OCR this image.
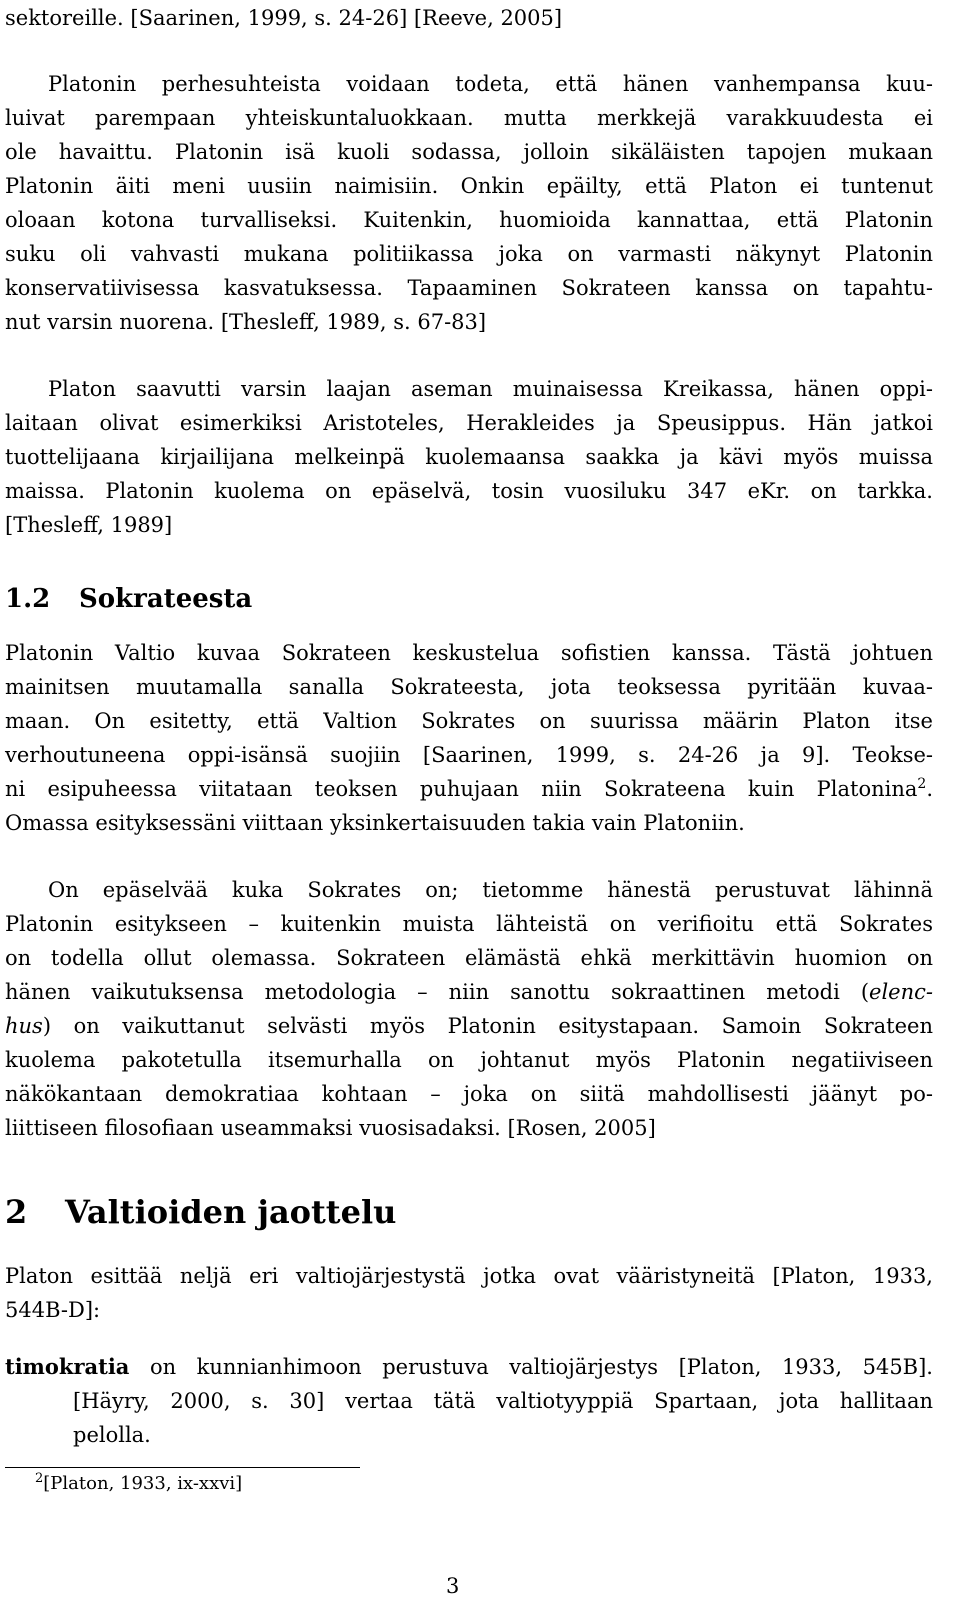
sektoreille. [Saarinen, 1999, s. 24-26] [Reeve, 2005]
Platonin perhesuhteista voidaan todeta, että hänen vanhempansa kuu-
luivat parempaan yhteiskuntaluokkaan. mutta merkkejä varakkuudesta ei
ole havaittu. Platonin isä kuoli sodassa, jolloin sikäläisten tapojen mukaan
Platonin äiti meni uusiin naimisiin. Onkin epäilty, että Platon ei tuntenut
oloaan kotona turvalliseksi. Kuitenkin, huomioida kannattaa, että Platonin
suku oli vahvasti mukana politiikassa joka on varmasti näkynyt Platonin
konservatiivisessa kasvatuksessa. Tapaaminen Sokrateen kanssa on tapahtu-
nut varsin nuorena. [Thesleff, 1989, s. 67-83]
Platon saavutti varsin laajan aseman muinaisessa Kreikassa, hänen oppi-
laitaan olivat esimerkiksi Aristoteles, Herakleides ja Speusippus. Hän jatkoi
tuottelijaana kirjailijana melkeinpä kuolemaansa saakka ja kävi myös muissa
maissa. Platonin kuolema on epäselvä, tosin vuosiluku 347 eKr. on tarkka.
[Thesleff, 1989]
1.2 Sokrateesta
Platonin Valtio kuvaa Sokrateen keskustelua sofistien kanssa. Tästä johtuen
mainitsen muutamalla sanalla Sokrateesta, jota teoksessa pyritään kuvaa-
maan. On esitetty, että Valtion Sokrates on suurissa määrin Platon itse
verhoutuneena oppi-isänsä suojiin [Saarinen, 1999, s. 24-26 ja 9]. Teokse-
ni esipuheessa viitataan teoksen puhujaan niin Sokrateena kuin Platonina$^2$.
Omassa esityksessäni viittaan yksinkertaisuuden takia vain Platoniin.
On epäselvää kuka Sokrates on; tietomme hänestä perustuvat lähinnä
Platonin esitykseen – kuitenkin muista lähteistä on verifioitu että Sokrates
on todella ollut olemassa. Sokrateen elämästä ehkä merkittävin huomion on
hänen vaikutuksensa metodologia – niin sanottu sokraattinen metodi (elenc-
hus) on vaikuttanut selvästi myös Platonin esitystapaan. Samoin Sokrateen
kuolema pakotetulla itsemurhalla on johtanut myös Platonin negatiiviseen
näkökantaan demokratiaa kohtaan – joka on siitä mahdollisesti jäänyt po-
liittiseen filosofiaan useammaksi vuosisadaksi. [Rosen, 2005]
2 Valtioiden jaottelu
Platon esittää neljä eri valtiojärjestystä jotka ovat vääristyneitä [Platon, 1933,
544B-D]:
timokratia on kunnianhimoon perustuva valtiojärjestys [Platon, 1933, 545B].
[Häyry, 2000, s. 30] vertaa tätä valtiotyyppiä Spartaan, jota hallitaan
pelolla.
$^2$[Platon, 1933, ix-xxvi]
3
